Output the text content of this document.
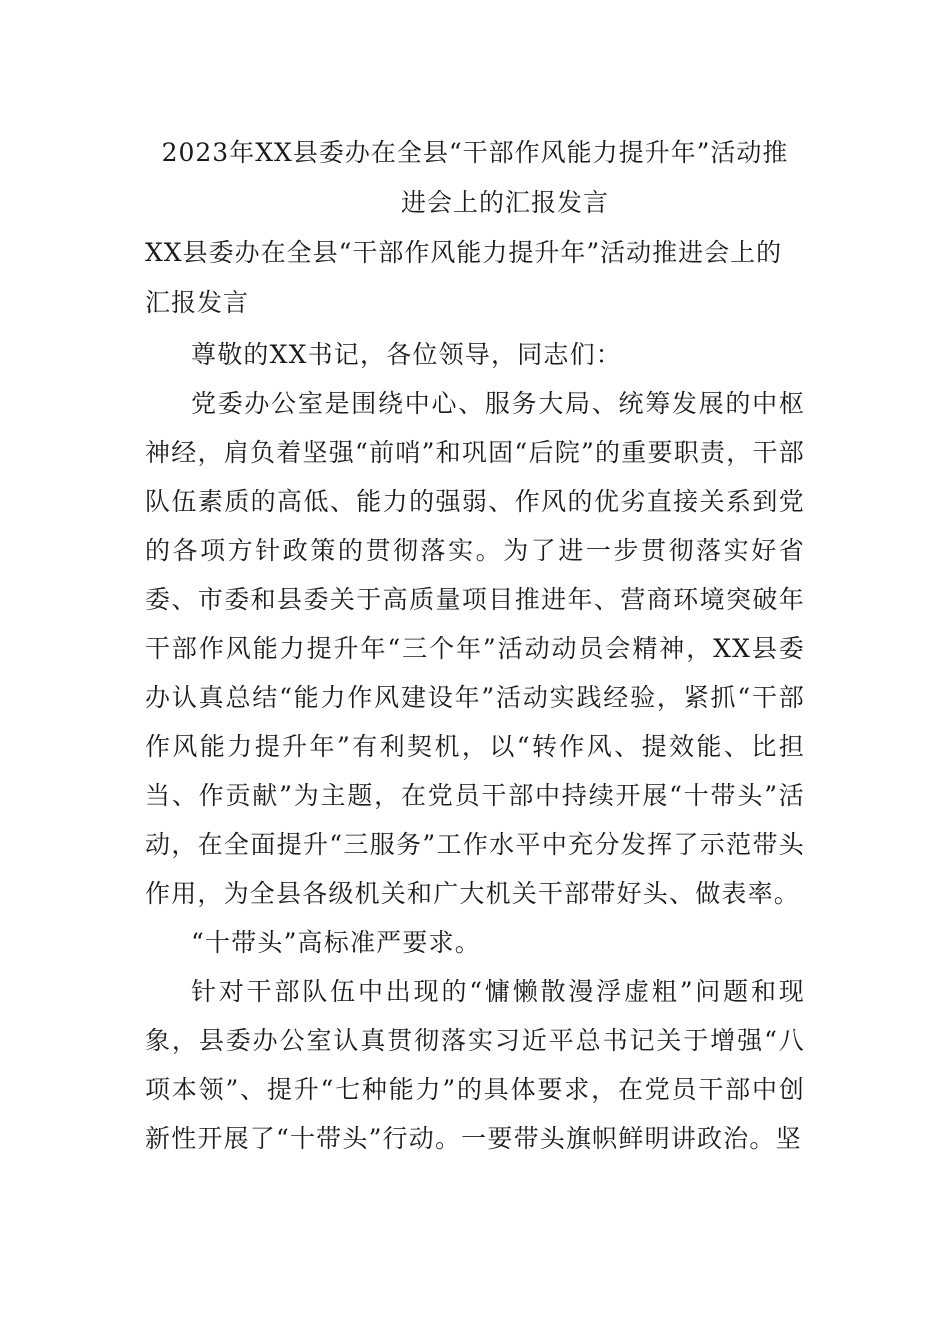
2023年XX县委办在全县“干部作风能力提升年”活动推
进会上的汇报发言

XX县委办在全县“干部作风能力提升年”活动推进会上的汇报发言

尊敬的XX书记，各位领导，同志们：

党委办公室是围绕中心、服务大局、统筹发展的中枢神经，肩负着坚强“前哨”和巩固“后院”的重要职责，干部队伍素质的高低、能力的强弱、作风的优劣直接关系到党的各项方针政策的贯彻落实。为了进一步贯彻落实好省委、市委和县委关于高质量项目推进年、营商环境突破年干部作风能力提升年“三个年”活动动员会精神，XX县委办认真总结“能力作风建设年”活动实践经验，紧抓“干部作风能力提升年”有利契机，以“转作风、提效能、比担当、作贡献”为主题，在党员干部中持续开展“十带头”活动，在全面提升“三服务”工作水平中充分发挥了示范带头作用，为全县各级机关和广大机关干部带好头、做表率。

“十带头”高标准严要求。

针对干部队伍中出现的“慵懒散漫浮虚粗”问题和现象，县委办公室认真贯彻落实习近平总书记关于增强“八项本领”、提升“七种能力”的具体要求，在党员干部中创新性开展了“十带头”行动。一要带头旗帜鲜明讲政治。坚
